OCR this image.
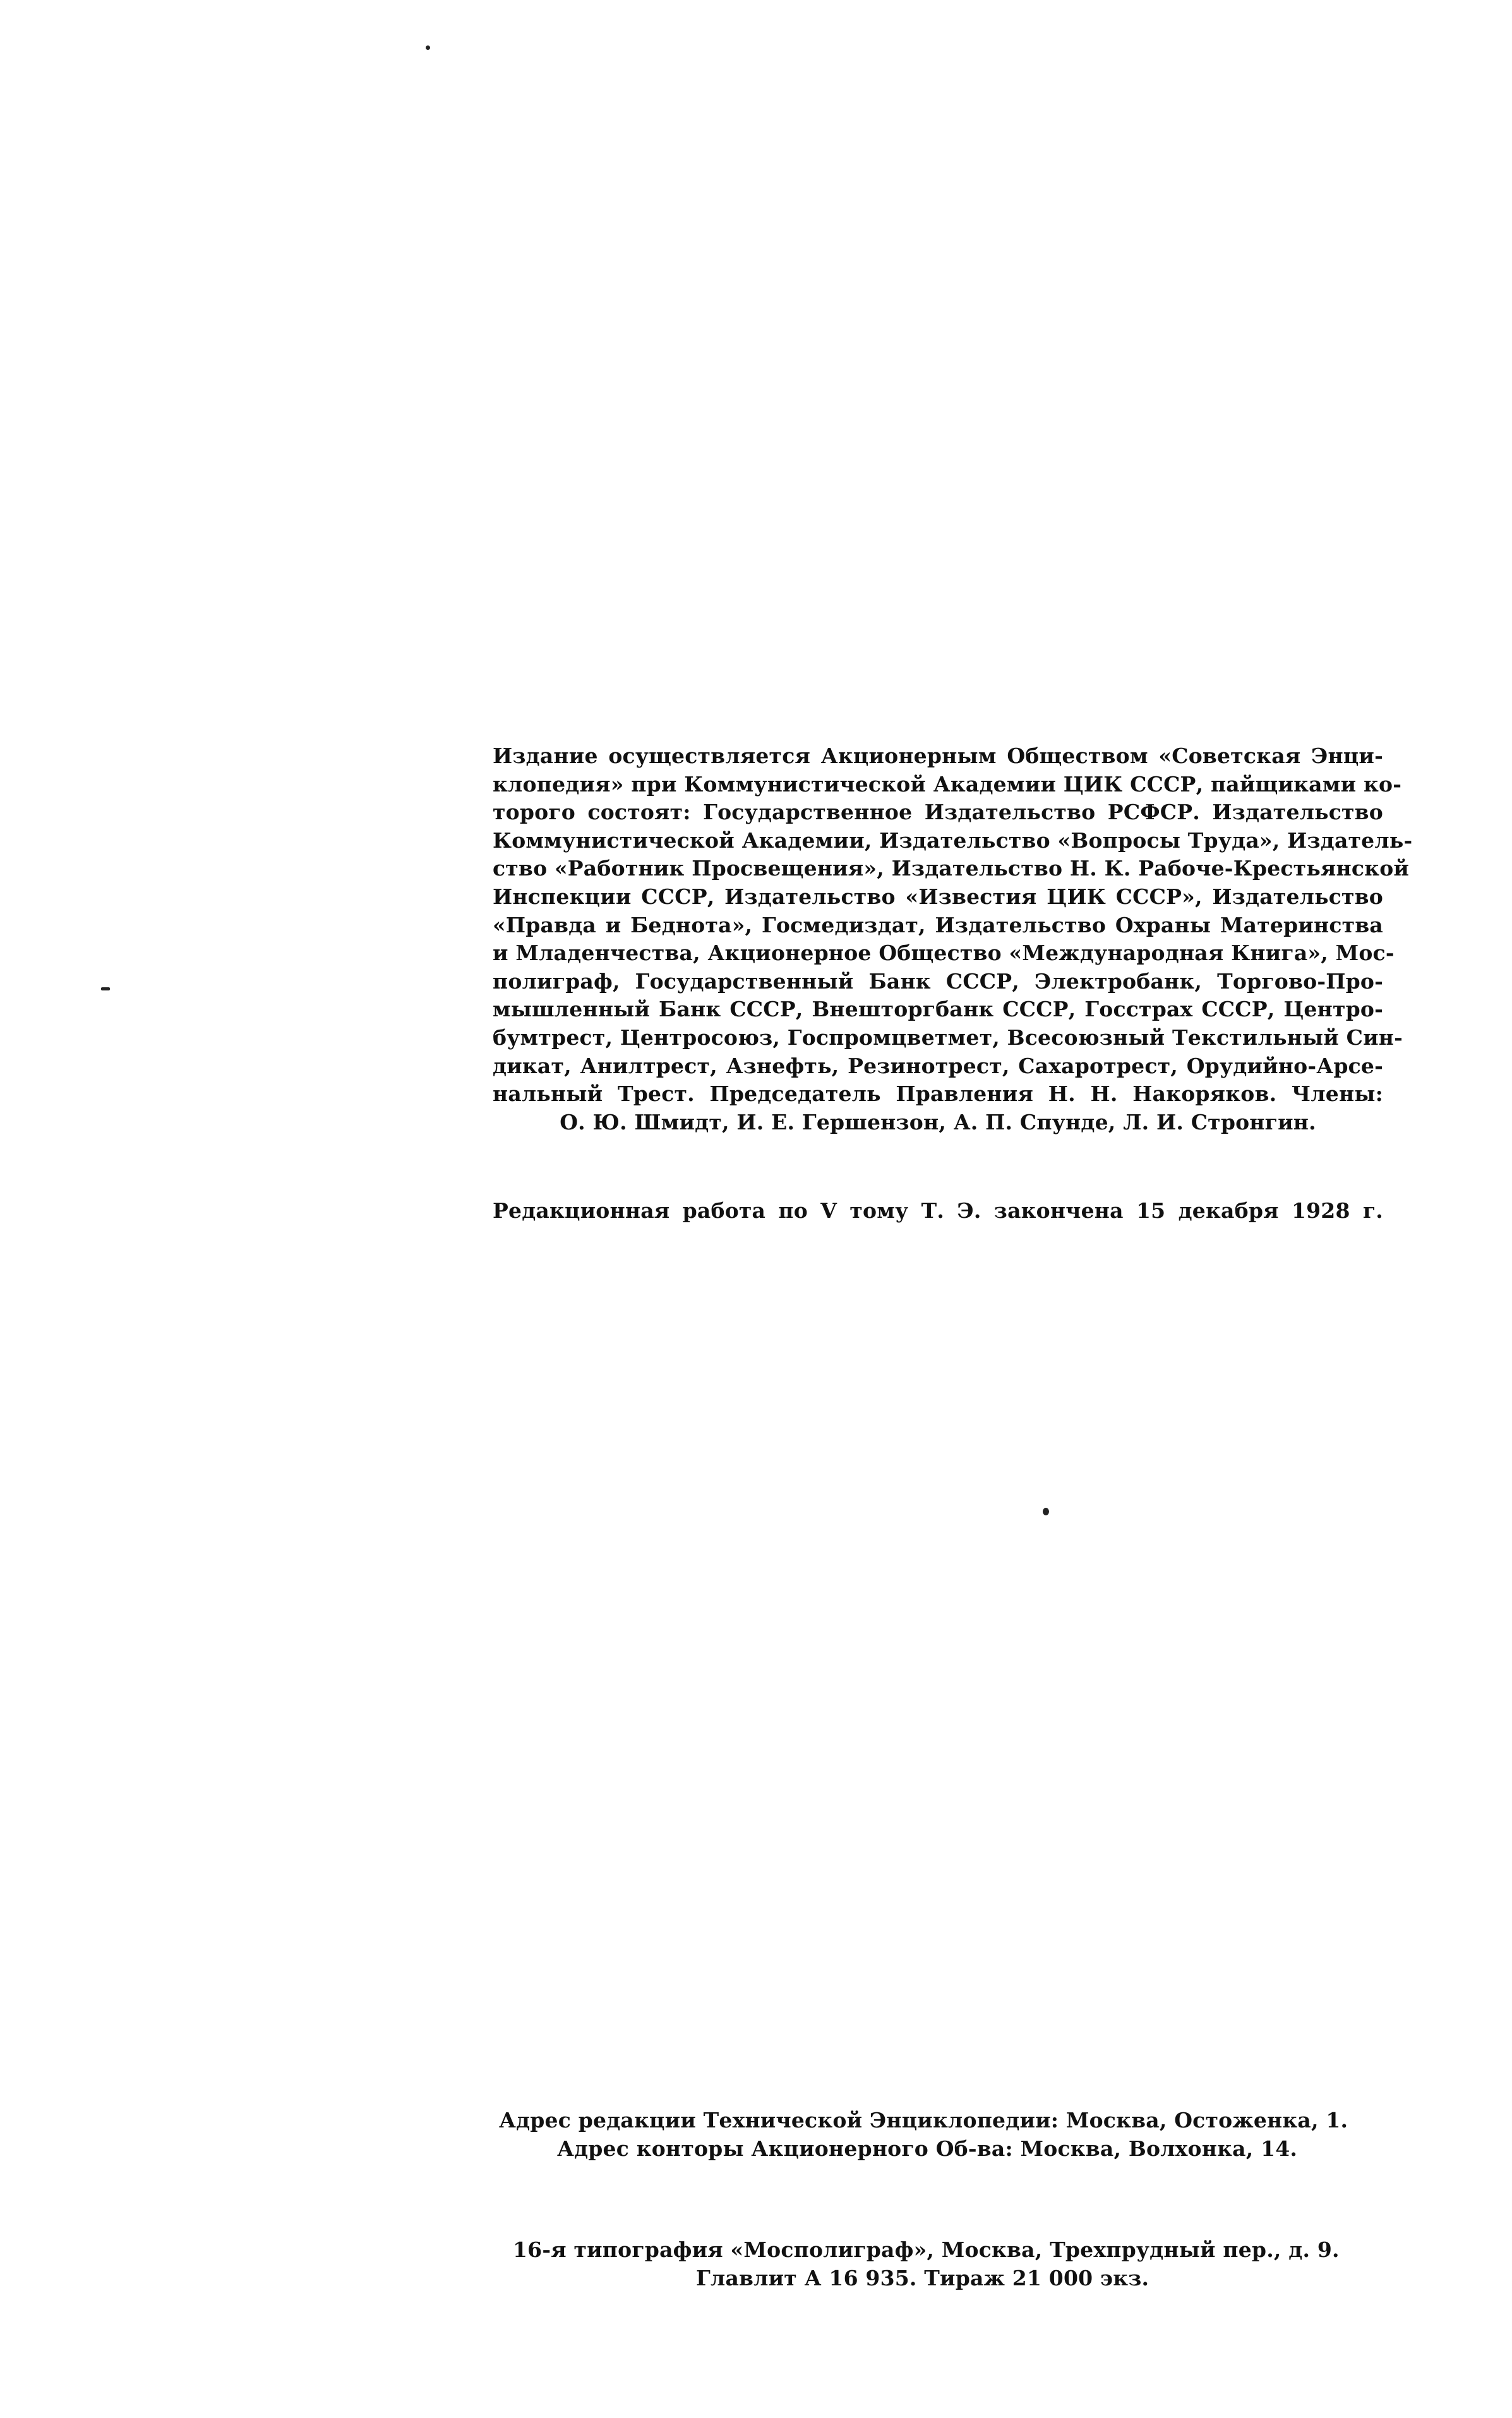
Издание осуществляется Акционерным Обществом «Советская Энци-
клопедия» при Коммунистической Академии ЦИК СССР, пайщиками ко-
торого состоят: Государственное Издательство РСФСР. Издательство
Коммунистической Академии, Издательство «Вопросы Труда», Издатель-
ство «Работник Просвещения», Издательство Н. К. Рабоче-Крестьянской
Инспекции СССР, Издательство «Известия ЦИК СССР», Издательство
«Правда и Беднота», Госмедиздат, Издательство Охраны Материнства
и Младенчества, Акционерное Общество «Международная Книга», Мос-
полиграф, Государственный Банк СССР, Электробанк, Торгово-Про-
мышленный Банк СССР, Внешторгбанк СССР, Госстрах СССР, Центро-
бумтрест, Центросоюз, Госпромцветмет, Всесоюзный Текстильный Син-
дикат, Анилтрест, Азнефть, Резинотрест, Сахаротрест, Орудийно-Арсе-
нальный Трест. Председатель Правления Н. Н. Накоряков. Члены:
О. Ю. Шмидт, И. Е. Гершензон, А. П. Спунде, Л. И. Стронгин.
Редакционная работа по V тому Т. Э. закончена 15 декабря 1928 г.
Адрес редакции Технической Энциклопедии: Москва, Остоженка, 1.
Адрес конторы Акционерного Об-ва: Москва, Волхонка, 14.
16-я типография «Мосполиграф», Москва, Трехпрудный пер., д. 9.
Главлит А 16 935. Тираж 21 000 экз.
